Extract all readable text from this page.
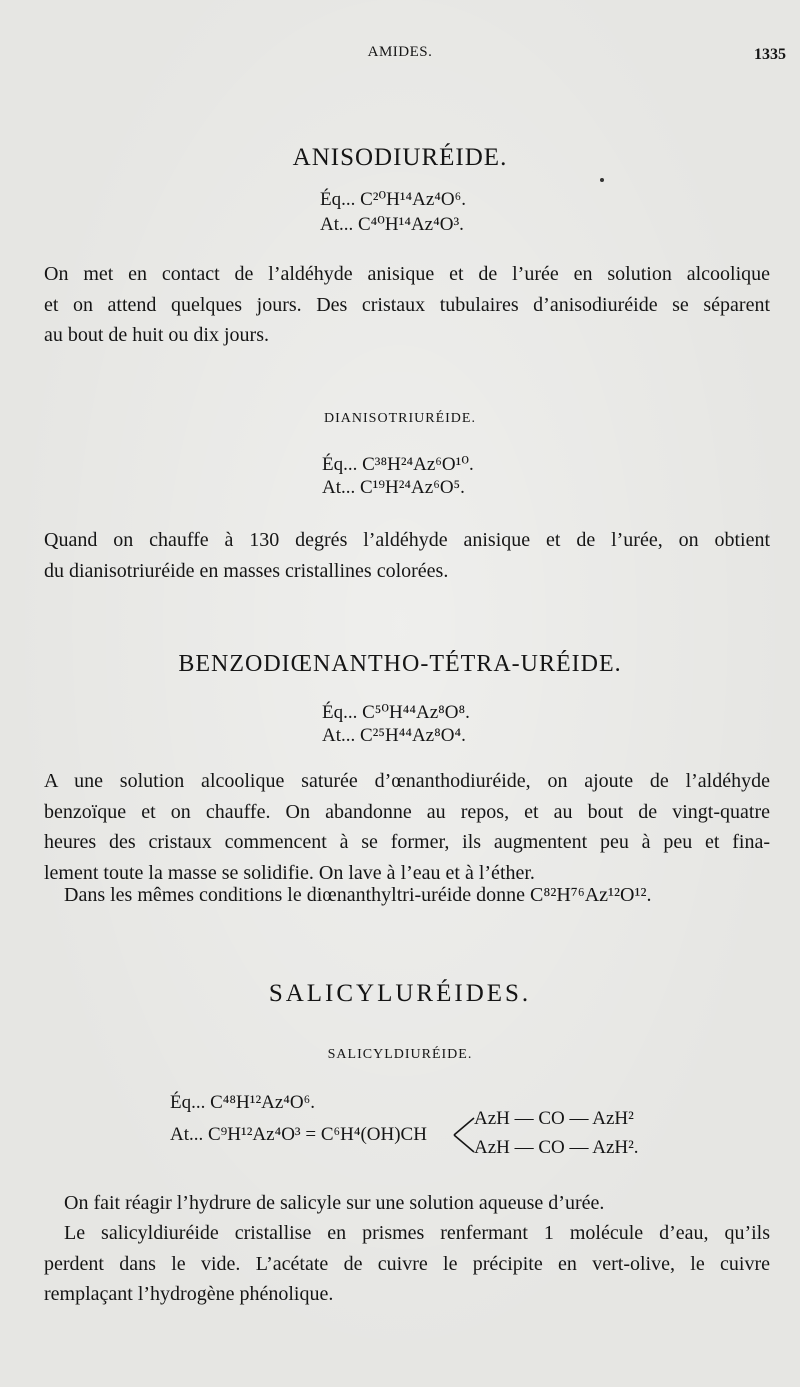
AMIDES.	1335
ANISODIURÉIDE.
Éq... C²⁰H¹⁴Az⁴O⁶.
At... C⁴⁰H¹⁴Az⁴O³.
On met en contact de l’aldéhyde anisique et de l’urée en solution alcoolique
et on attend quelques jours. Des cristaux tubulaires d’anisodiuréide se séparent
au bout de huit ou dix jours.
DIANISOTRIURÉIDE.
Éq... C³⁸H²⁴Az⁶O¹⁰.
At... C¹⁹H²⁴Az⁶O⁵.
Quand on chauffe à 130 degrés l’aldéhyde anisique et de l’urée, on obtient
du dianisotriuréide en masses cristallines colorées.
BENZODIŒNANTHO-TÉTRA-URÉIDE.
Éq... C⁵⁰H⁴⁴Az⁸O⁸.
At... C²⁵H⁴⁴Az⁸O⁴.
A une solution alcoolique saturée d’œnanthodiuréide, on ajoute de l’aldéhyde
benzoïque et on chauffe. On abandonne au repos, et au bout de vingt-quatre
heures des cristaux commencent à se former, ils augmentent peu à peu et fina-
lement toute la masse se solidifie. On lave à l’eau et à l’éther.
Dans les mêmes conditions le diœnanthyltri-uréide donne C⁸²H⁷⁶Az¹²O¹².
SALICYLURÉIDES.
SALICYLDIURÉIDE.
Éq... C⁴⁸H¹²Az⁴O⁶.
At... C⁹H¹²Az⁴O³ = C⁶H⁴(OH)CH
AzH — CO — AzH²
AzH — CO — AzH².
On fait réagir l’hydrure de salicyle sur une solution aqueuse d’urée.
Le salicyldiuréide cristallise en prismes renfermant 1 molécule d’eau, qu’ils
perdent dans le vide. L’acétate de cuivre le précipite en vert-olive, le cuivre
remplaçant l’hydrogène phénolique.
